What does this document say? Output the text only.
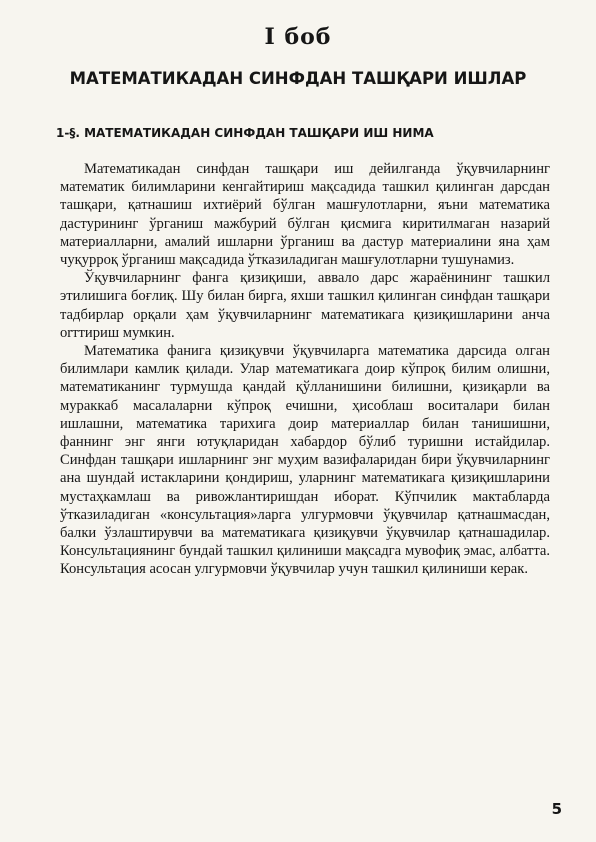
I боб
МАТЕМАТИКАДАН СИНФДАН ТАШҚАРИ ИШЛАР
1-§. МАТЕМАТИКАДАН СИНФДАН ТАШҚАРИ ИШ НИМА

Математикадан синфдан ташқари иш дейилганда ўқувчиларнинг математик билимларини кенгайтириш мақсадида ташкил қилинган дарсдан ташқари, қатнашиш ихтиёрий бўлган машғулотларни, яъни математика дастурининг ўрганиш мажбурий бўлган қисмига киритилмаган назарий материалларни, амалий ишларни ўрганиш ва дастур материалини яна ҳам чуқурроқ ўрганиш мақсадида ўтказиладиган машғулотларни тушунамиз.

Ўқувчиларнинг фанга қизиқиши, аввало дарс жараёнининг ташкил этилишига боғлиқ. Шу билан бирга, яхши ташкил қилинган синфдан ташқари тадбирлар орқали ҳам ўқувчиларнинг математикага қизиқишларини анча orттириш мумкин.

Математика фанига қизиқувчи ўқувчиларга математика дарсида олган билимлари камлик қилади. Улар математикага доир кўпроқ билим олишни, математиканинг турмушда қандай қўлланишини билишни, қизиқарли ва мураккаб масалаларни кўпроқ ечишни, ҳисоблаш воситалари билан ишлашни, математика тарихига доир материаллар билан танишишни, фаннинг энг янги ютуқларидан хабардор бўлиб туришни истайдилар. Синфдан ташқари ишларнинг энг муҳим вазифаларидан бири ўқувчиларнинг ана шундай истакларини қондириш, уларнинг математикага қизиқишларини мустаҳкамлаш ва ривожлантиришдан иборат. Кўпчилик мактабларда ўтказиладиган «консультация»ларга улгурмовчи ўқувчилар қатнашмасдан, балки ўзлаштирувчи ва математикага қизиқувчи ўқувчилар қатнашадилар. Консультациянинг бундай ташкил қилиниши мақсадга мувофиқ эмас, албатта. Консультация асосан улгурмовчи ўқувчилар учун ташкил қилиниши керак.

5
